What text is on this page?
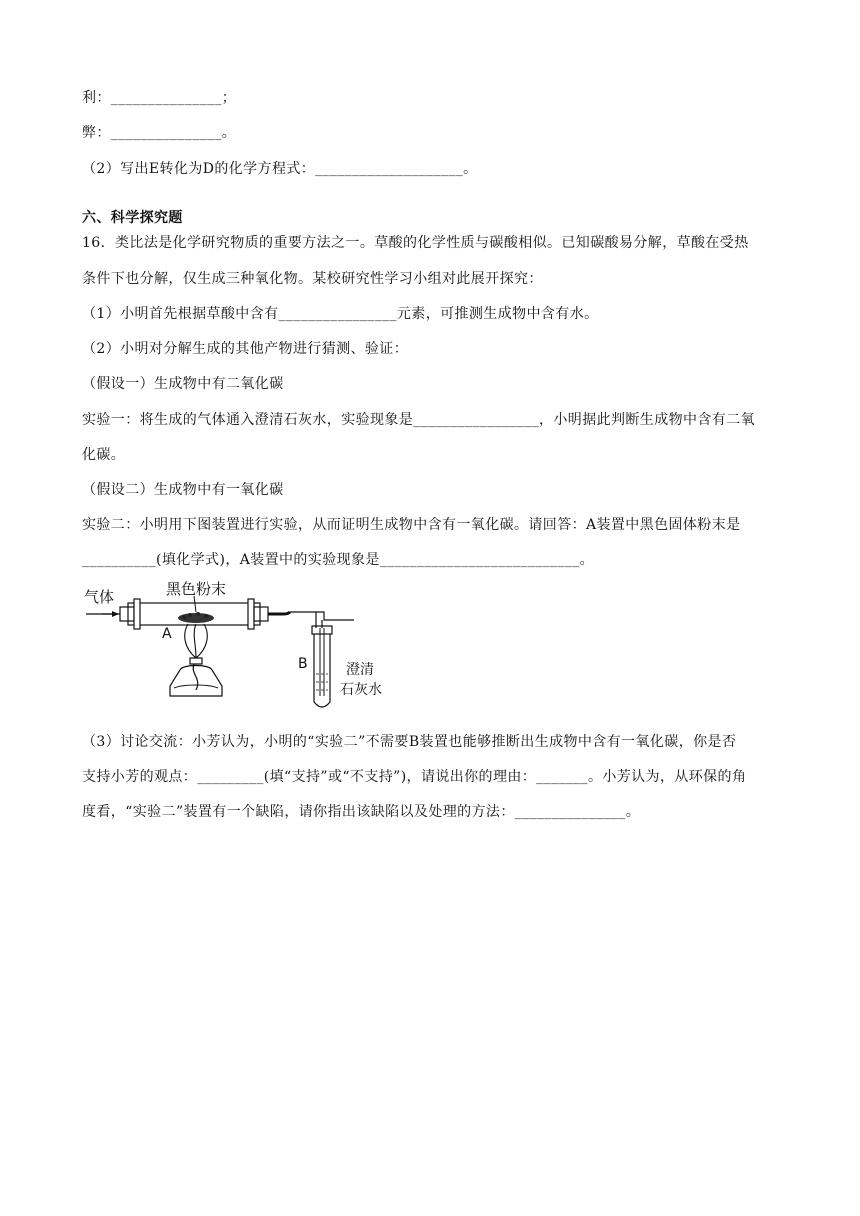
利：_______________；
弊：_______________。
（2）写出E转化为D的化学方程式：____________________。
六、科学探究题
16．类比法是化学研究物质的重要方法之一。草酸的化学性质与碳酸相似。已知碳酸易分解，草酸在受热
条件下也分解，仅生成三种氧化物。某校研究性学习小组对此展开探究：
（1）小明首先根据草酸中含有________________元素，可推测生成物中含有水。
（2）小明对分解生成的其他产物进行猜测、验证：
（假设一）生成物中有二氧化碳
实验一：将生成的气体通入澄清石灰水，实验现象是_________________，小明据此判断生成物中含有二氧
化碳。
（假设二）生成物中有一氧化碳
实验二：小明用下图装置进行实验，从而证明生成物中含有一氧化碳。请回答：A装置中黑色固体粉末是
__________(填化学式)，A装置中的实验现象是___________________________。
气体	黑色粉末
A
B	澄清
石灰水
（3）讨论交流：小芳认为，小明的“实验二”不需要B装置也能够推断出生成物中含有一氧化碳，你是否
支持小芳的观点：_________(填“支持”或“不支持”)，请说出你的理由：_______。小芳认为，从环保的角
度看，“实验二”装置有一个缺陷，请你指出该缺陷以及处理的方法：_______________。
